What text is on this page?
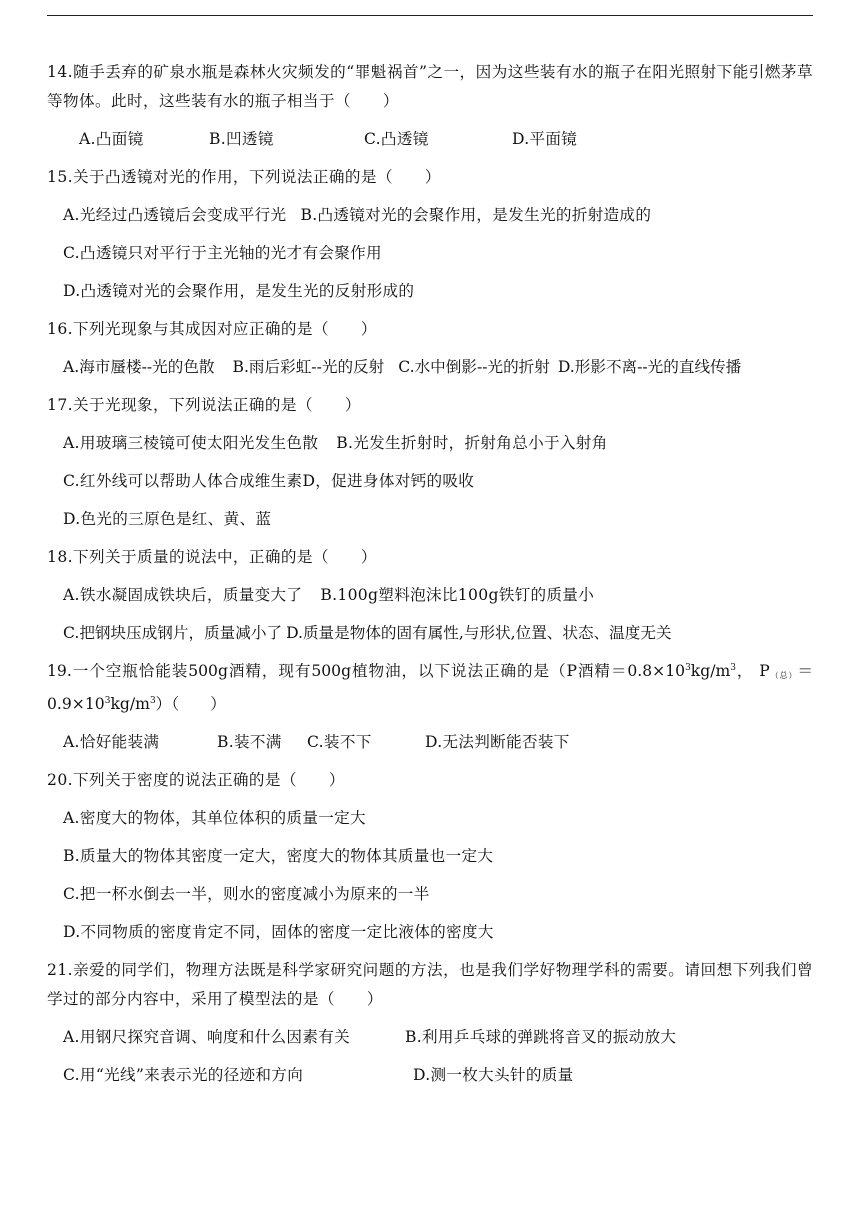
14.随手丢弃的矿泉水瓶是森林火灾频发的“罪魁祸首”之一，因为这些装有水的瓶子在阳光照射下能引燃茅草等物体。此时，这些装有水的瓶子相当于（　　）
A.凸面镜	B.凹透镜	C.凸透镜	D.平面镜
15.关于凸透镜对光的作用，下列说法正确的是（　　）
A.光经过凸透镜后会变成平行光 B.凸透镜对光的会聚作用，是发生光的折射造成的
C.凸透镜只对平行于主光轴的光才有会聚作用
D.凸透镜对光的会聚作用，是发生光的反射形成的
16.下列光现象与其成因对应正确的是（　　）
A.海市蜃楼--光的色散 B.雨后彩虹--光的反射 C.水中倒影--光的折射 D.形影不离--光的直线传播
17.关于光现象，下列说法正确的是（　　）
A.用玻璃三棱镜可使太阳光发生色散 B.光发生折射时，折射角总小于入射角
C.红外线可以帮助人体合成维生素D，促进身体对钙的吸收
D.色光的三原色是红、黄、蓝
18.下列关于质量的说法中，正确的是（　　）
A.铁水凝固成铁块后，质量变大了 B.100g塑料泡沫比100g铁钉的质量小
C.把钢块压成钢片，质量减小了 D.质量是物体的固有属性,与形状,位置、状态、温度无关
19.一个空瓶恰能装500g酒精，现有500g植物油，以下说法正确的是（P酒精$=0.8\times 10^3kg/m^3$， $P_{(总)}=0.9\times 10^3kg/m^3$）（　　）
A.恰好能装满	B.装不满 C.装不下	D.无法判断能否装下
20.下列关于密度的说法正确的是（　　）
A.密度大的物体，其单位体积的质量一定大
B.质量大的物体其密度一定大，密度大的物体其质量也一定大
C.把一杯水倒去一半，则水的密度减小为原来的一半
D.不同物质的密度肯定不同，固体的密度一定比液体的密度大
21.亲爱的同学们，物理方法既是科学家研究问题的方法，也是我们学好物理学科的需要。请回想下列我们曾学过的部分内容中，采用了模型法的是（　　）
A.用钢尺探究音调、响度和什么因素有关	B.利用乒乓球的弹跳将音叉的振动放大
C.用“光线”来表示光的径迹和方向	D.测一枚大头针的质量
